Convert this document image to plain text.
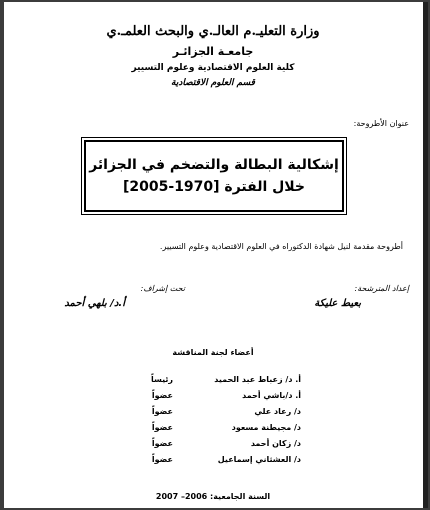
وزارة التعليـ.م العالـ.ي والبحث العلمـ.ي
جامعـة الجزائـر
كلية العلوم الاقتصادية وعلوم التسيير
قسم العلوم الاقتصادية
عنوان الأطروحة:
إشكالية البطالة والتضخم في الجزائر
خلال الفترة [1970-2005]
أطروحة مقدمة لنيل شهادة الدكتوراه في العلوم الاقتصادية وعلوم التسيير.
إعداد المترشحة:
تحت إشراف:
بعيط عليكة
أ.د/ بلهي أحمد
أعضاء لجنة المناقشة
أ. د/ زعباط عبد الحميد
رئيساً
أ. د/باشي أحمد
عضواً
د/ رعاد علي
عضواً
د/ مجيطنة مسعود
عضواً
د/ زكان أحمد
عضواً
د/ العشثاني إسماعيل
عضواً
السنة الجامعية: 2006– 2007
